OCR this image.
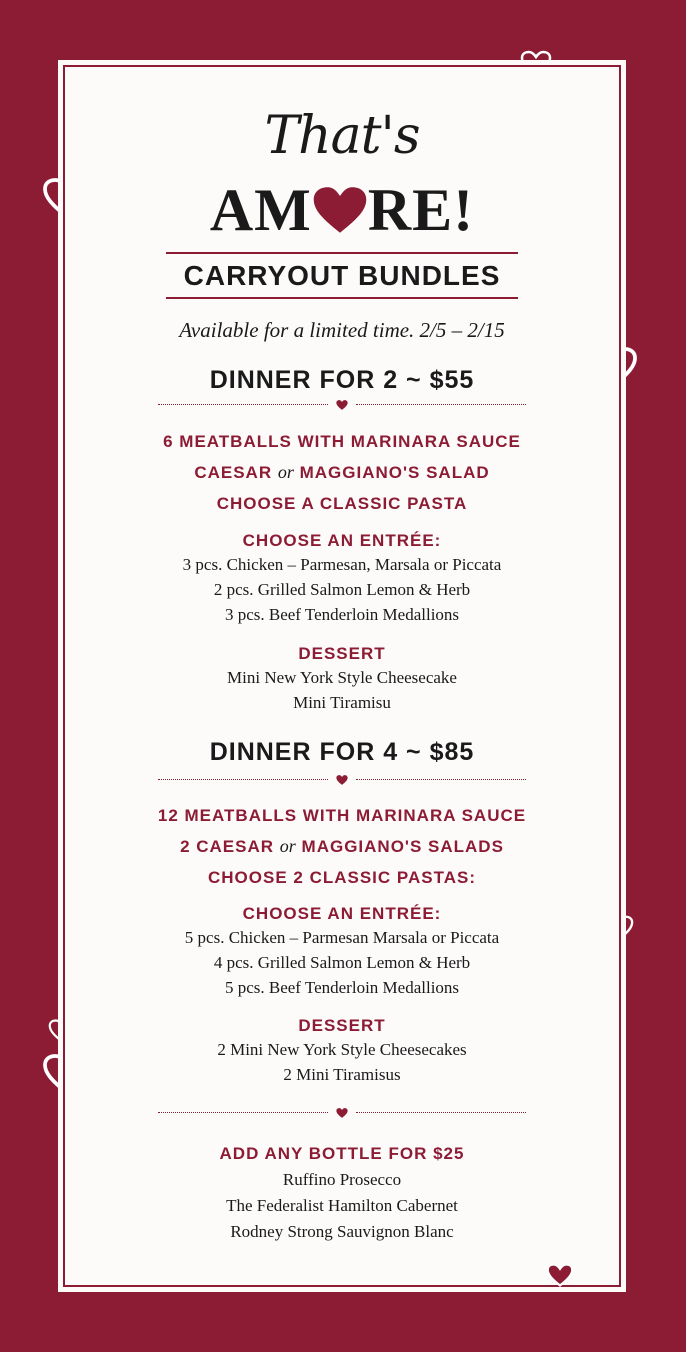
That's
AM RE!
CARRYOUT BUNDLES
Available for a limited time. 2/5 – 2/15
DINNER FOR 2 ~ $55
6 MEATBALLS WITH MARINARA SAUCE
CAESAR or MAGGIANO'S SALAD
CHOOSE A CLASSIC PASTA
CHOOSE AN ENTRÉE:
3 pcs. Chicken – Parmesan, Marsala or Piccata
2 pcs. Grilled Salmon Lemon & Herb
3 pcs. Beef Tenderloin Medallions
DESSERT
Mini New York Style Cheesecake
Mini Tiramisu
DINNER FOR 4 ~ $85
12 MEATBALLS WITH MARINARA SAUCE
2 CAESAR or MAGGIANO'S SALADS
CHOOSE 2 CLASSIC PASTAS:
CHOOSE AN ENTRÉE:
5 pcs. Chicken – Parmesan Marsala or Piccata
4 pcs. Grilled Salmon Lemon & Herb
5 pcs. Beef Tenderloin Medallions
DESSERT
2 Mini New York Style Cheesecakes
2 Mini Tiramisus
ADD ANY BOTTLE FOR $25
Ruffino Prosecco
The Federalist Hamilton Cabernet
Rodney Strong Sauvignon Blanc
